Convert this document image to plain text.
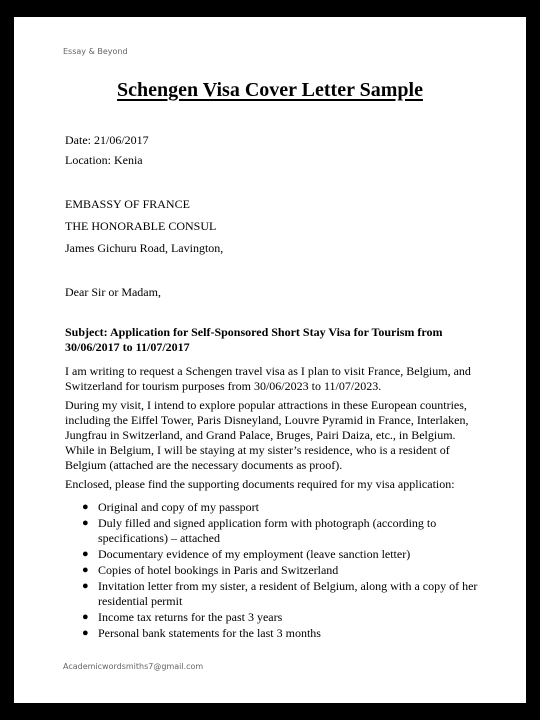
Essay & Beyond
Schengen Visa Cover Letter Sample
Date: 21/06/2017
Location: Kenia
EMBASSY OF FRANCE
THE HONORABLE CONSUL
James Gichuru Road, Lavington,
Dear Sir or Madam,
Subject: Application for Self-Sponsored Short Stay Visa for Tourism from 30/06/2017 to 11/07/2017

I am writing to request a Schengen travel visa as I plan to visit France, Belgium, and Switzerland for tourism purposes from 30/06/2023 to 11/07/2023.

During my visit, I intend to explore popular attractions in these European countries, including the Eiffel Tower, Paris Disneyland, Louvre Pyramid in France, Interlaken, Jungfrau in Switzerland, and Grand Palace, Bruges, Pairi Daiza, etc., in Belgium. While in Belgium, I will be staying at my sister’s residence, who is a resident of Belgium (attached are the necessary documents as proof).

Enclosed, please find the supporting documents required for my visa application:

● Original and copy of my passport
● Duly filled and signed application form with photograph (according to specifications) – attached
● Documentary evidence of my employment (leave sanction letter)
● Copies of hotel bookings in Paris and Switzerland
● Invitation letter from my sister, a resident of Belgium, along with a copy of her residential permit
● Income tax returns for the past 3 years
● Personal bank statements for the last 3 months
Academicwordsmiths7@gmail.com
